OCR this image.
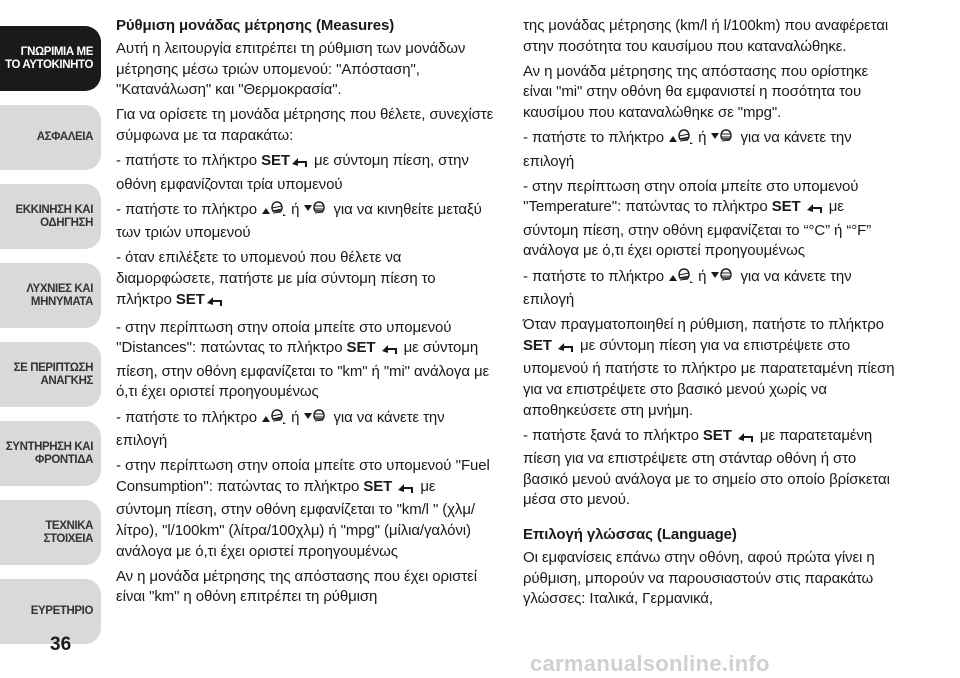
ΓΝΩΡΙΜΙΑ ΜΕ ΤΟ ΑΥΤΟΚΙΝΗΤΟ
ΑΣΦΑΛΕΙΑ
ΕΚΚΙΝΗΣΗ ΚΑΙ ΟΔΗΓΗΣΗ
ΛΥΧΝΙΕΣ ΚΑΙ ΜΗΝΥΜΑΤΑ
ΣΕ ΠΕΡΙΠΤΩΣΗ ΑΝΑΓΚΗΣ
ΣΥΝΤΗΡΗΣΗ ΚΑΙ ΦΡΟΝΤΙΔΑ
ΤΕΧΝΙΚΑ ΣΤΟΙΧΕΙΑ
ΕΥΡΕΤΗΡΙΟ
36
Ρύθμιση μονάδας μέτρησης (Measures)

Αυτή η λειτουργία επιτρέπει τη ρύθμιση των μονάδων μέτρησης μέσω τριών υπομενού: "Απόσταση", "Κατανάλωση" και "Θερμοκρασία".

Για να ορίσετε τη μονάδα μέτρησης που θέλετε, συνεχίστε σύμφωνα με τα παρακάτω:

- πατήστε το πλήκτρο SET με σύντομη πίεση, στην οθόνη εμφανίζονται τρία υπομενού

- πατήστε το πλήκτρο  ή  για να κινηθείτε μεταξύ των τριών υπομενού

- όταν επιλέξετε το υπομενού που θέλετε να διαμορφώσετε, πατήστε με μία σύντομη πίεση το πλήκτρο SET

- στην περίπτωση στην οποία μπείτε στο υπομενού ''Distances'': πατώντας το πλήκτρο SET  με σύντομη πίεση, στην οθόνη εμφανίζεται το "km" ή "mi" ανάλογα με ό,τι έχει οριστεί προηγουμένως

- πατήστε το πλήκτρο  ή  για να κάνετε την επιλογή

- στην περίπτωση στην οποία μπείτε στο υπομενού ''Fuel Consumption'': πατώντας το πλήκτρο SET  με σύντομη πίεση, στην οθόνη εμφανίζεται το "km/l " (χλμ/λίτρο), "l/100km" (λίτρα/100χλμ) ή "mpg" (μίλια/γαλόνι) ανάλογα με ό,τι έχει οριστεί προηγουμένως

Αν η μονάδα μέτρησης της απόστασης που έχει οριστεί είναι "km" η οθόνη επιτρέπει τη ρύθμιση

της μονάδας μέτρησης (km/l ή l/100km) που αναφέρεται στην ποσότητα του καυσίμου που καταναλώθηκε.

Αν η μονάδα μέτρησης της απόστασης που ορίστηκε είναι "mi" στην οθόνη θα εμφανιστεί η ποσότητα του καυσίμου που καταναλώθηκε σε "mpg".

- πατήστε το πλήκτρο  ή  για να κάνετε την επιλογή

- στην περίπτωση στην οποία μπείτε στο υπομενού ''Temperature'': πατώντας το πλήκτρο SET  με σύντομη πίεση, στην οθόνη εμφανίζεται το “°C” ή “°F” ανάλογα με ό,τι έχει οριστεί προηγουμένως

- πατήστε το πλήκτρο  ή  για να κάνετε την επιλογή

Όταν πραγματοποιηθεί η ρύθμιση, πατήστε το πλήκτρο SET  με σύντομη πίεση για να επιστρέψετε στο υπομενού ή πατήστε το πλήκτρο με παρατεταμένη πίεση για να επιστρέψετε στο βασικό μενού χωρίς να αποθηκεύσετε στη μνήμη.

- πατήστε ξανά το πλήκτρο SET  με παρατεταμένη πίεση για να επιστρέψετε στη στάνταρ οθόνη ή στο βασικό μενού ανάλογα με το σημείο στο οποίο βρίσκεται μέσα στο μενού.

Επιλογή γλώσσας (Language)

Οι εμφανίσεις επάνω στην οθόνη, αφού πρώτα γίνει η ρύθμιση, μπορούν να παρουσιαστούν στις παρακάτω γλώσσες: Ιταλικά, Γερμανικά,

carmanualsonline.info
